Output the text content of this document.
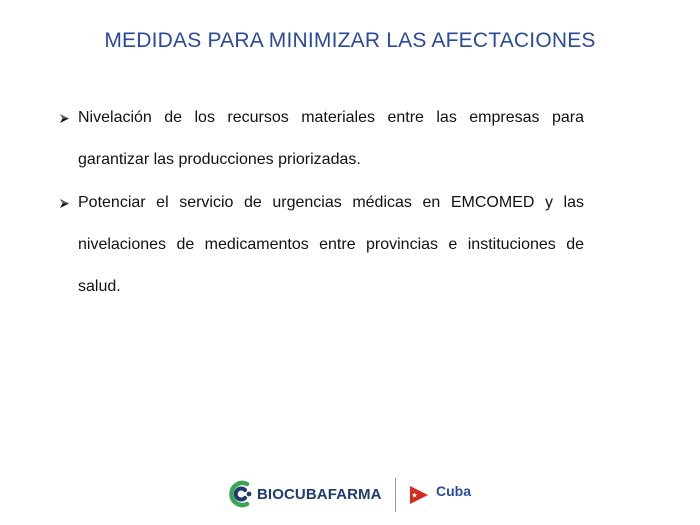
MEDIDAS PARA MINIMIZAR LAS AFECTACIONES
Nivelación de los recursos materiales entre las empresas para garantizar las producciones priorizadas.
Potenciar el servicio de urgencias médicas en EMCOMED y las nivelaciones de medicamentos entre provincias e instituciones de salud.
BIOCUBAFARMA	Cuba
